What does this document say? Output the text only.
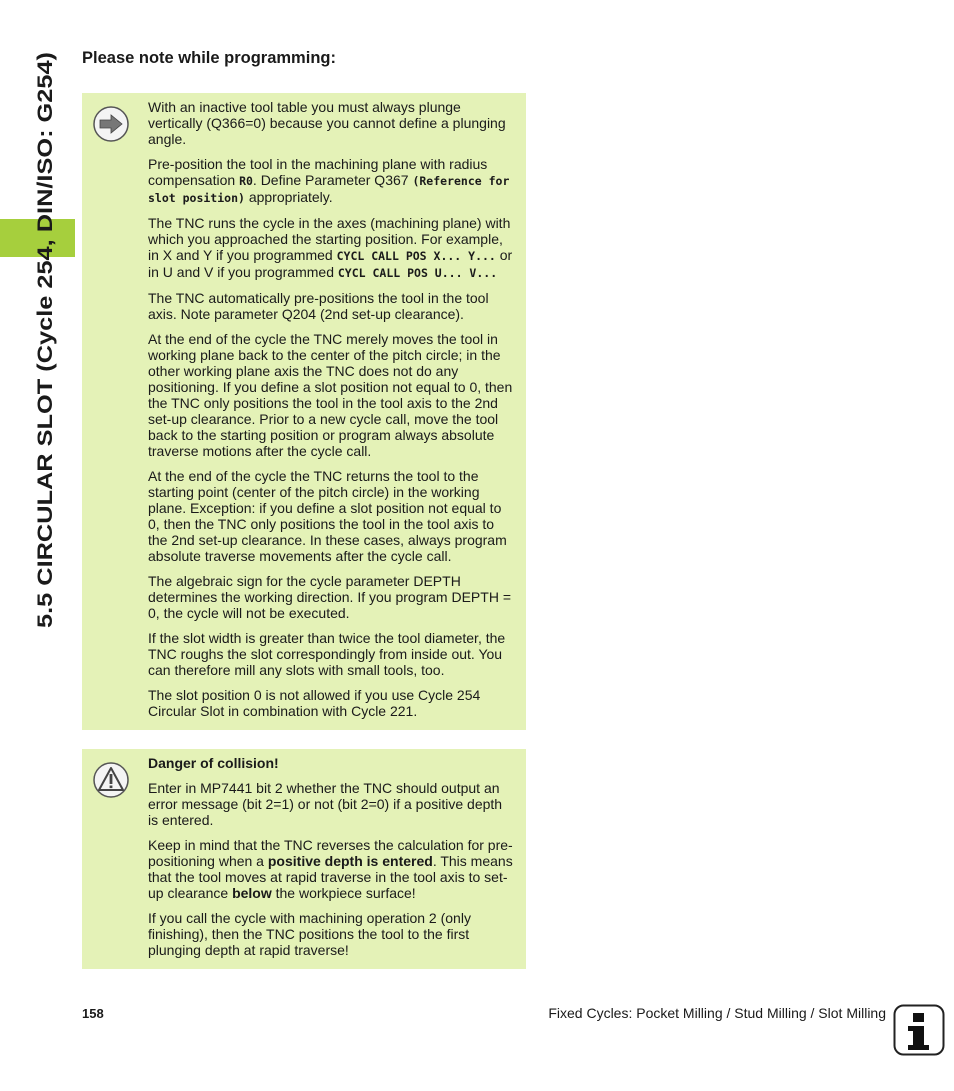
5.5 CIRCULAR SLOT (Cycle 254, DIN/ISO: G254)
Please note while programming:

With an inactive tool table you must always plunge vertically (Q366=0) because you cannot define a plunging angle.

Pre-position the tool in the machining plane with radius compensation R0. Define Parameter Q367 (Reference for slot position) appropriately.

The TNC runs the cycle in the axes (machining plane) with which you approached the starting position. For example, in X and Y if you programmed CYCL CALL POS X... Y... or in U and V if you programmed CYCL CALL POS U... V...

The TNC automatically pre-positions the tool in the tool axis. Note parameter Q204 (2nd set-up clearance).

At the end of the cycle the TNC merely moves the tool in working plane back to the center of the pitch circle; in the other working plane axis the TNC does not do any positioning. If you define a slot position not equal to 0, then the TNC only positions the tool in the tool axis to the 2nd set-up clearance. Prior to a new cycle call, move the tool back to the starting position or program always absolute traverse motions after the cycle call.

At the end of the cycle the TNC returns the tool to the starting point (center of the pitch circle) in the working plane. Exception: if you define a slot position not equal to 0, then the TNC only positions the tool in the tool axis to the 2nd set-up clearance. In these cases, always program absolute traverse movements after the cycle call.

The algebraic sign for the cycle parameter DEPTH determines the working direction. If you program DEPTH = 0, the cycle will not be executed.

If the slot width is greater than twice the tool diameter, the TNC roughs the slot correspondingly from inside out. You can therefore mill any slots with small tools, too.

The slot position 0 is not allowed if you use Cycle 254 Circular Slot in combination with Cycle 221.

Danger of collision!

Enter in MP7441 bit 2 whether the TNC should output an error message (bit 2=1) or not (bit 2=0) if a positive depth is entered.

Keep in mind that the TNC reverses the calculation for pre-positioning when a positive depth is entered. This means that the tool moves at rapid traverse in the tool axis to set-up clearance below the workpiece surface!

If you call the cycle with machining operation 2 (only finishing), then the TNC positions the tool to the first plunging depth at rapid traverse!

158	Fixed Cycles: Pocket Milling / Stud Milling / Slot Milling
